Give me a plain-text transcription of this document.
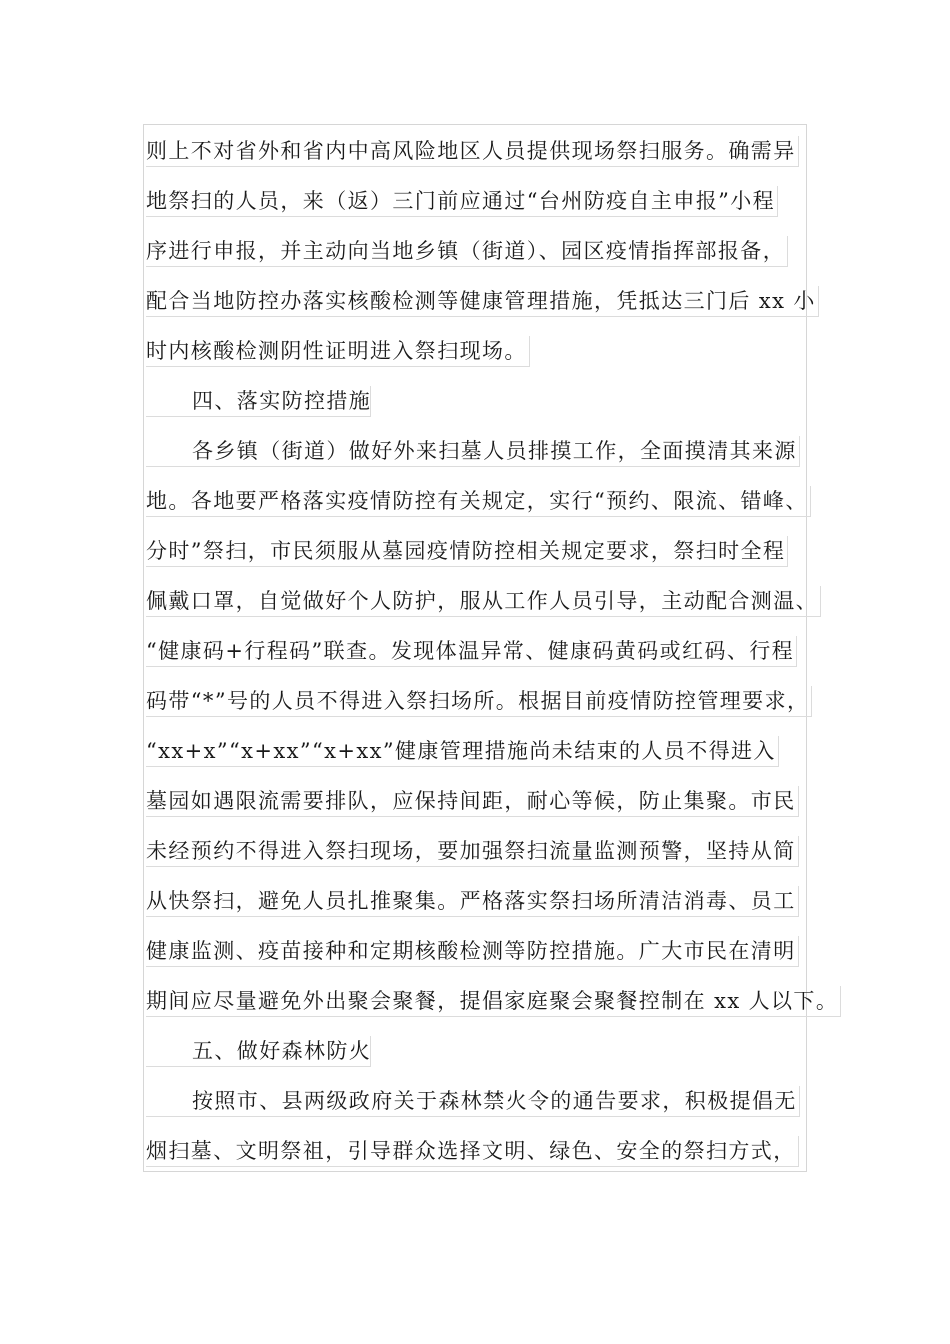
则上不对省外和省内中高风险地区人员提供现场祭扫服务。确需异
地祭扫的人员，来（返）三门前应通过“台州防疫自主申报”小程
序进行申报，并主动向当地乡镇（街道）、园区疫情指挥部报备，
配合当地防控办落实核酸检测等健康管理措施，凭抵达三门后 xx 小
时内核酸检测阴性证明进入祭扫现场。
四、落实防控措施
各乡镇（街道）做好外来扫墓人员排摸工作，全面摸清其来源
地。各地要严格落实疫情防控有关规定，实行“预约、限流、错峰、
分时”祭扫，市民须服从墓园疫情防控相关规定要求，祭扫时全程
佩戴口罩，自觉做好个人防护，服从工作人员引导，主动配合测温、
“健康码+行程码”联查。发现体温异常、健康码黄码或红码、行程
码带“*”号的人员不得进入祭扫场所。根据目前疫情防控管理要求，
“xx+x”“x+xx”“x+xx”健康管理措施尚未结束的人员不得进入
墓园如遇限流需要排队，应保持间距，耐心等候，防止集聚。市民
未经预约不得进入祭扫现场，要加强祭扫流量监测预警，坚持从简
从快祭扫，避免人员扎推聚集。严格落实祭扫场所清洁消毒、员工
健康监测、疫苗接种和定期核酸检测等防控措施。广大市民在清明
期间应尽量避免外出聚会聚餐，提倡家庭聚会聚餐控制在 xx 人以下。
五、做好森林防火
按照市、县两级政府关于森林禁火令的通告要求，积极提倡无
烟扫墓、文明祭祖，引导群众选择文明、绿色、安全的祭扫方式，
